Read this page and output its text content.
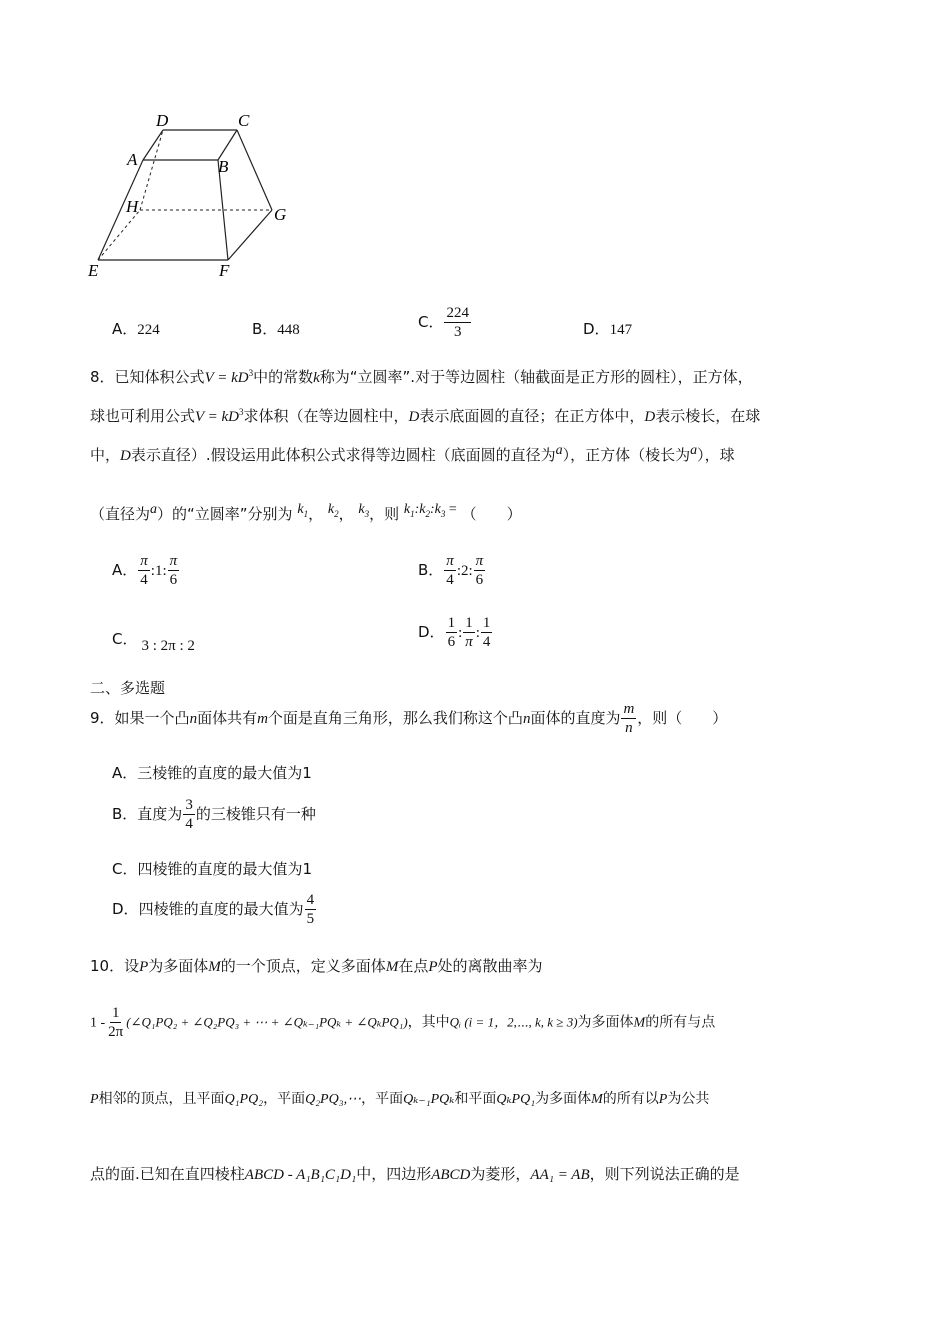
D	C
A	B
H	G
E	F
A．224	B．448	C． $\frac{224}{3}$	D．147
8．已知体积公式$V = kD^3$中的常数k称为“立圆率”.对于等边圆柱（轴截面是正方形的圆柱），正方体，
球也可利用公式$V = kD^3$求体积（在等边圆柱中，D表示底面圆的直径；在正方体中，D表示棱长，在球
中，D表示直径）.假设运用此体积公式求得等边圆柱（底面圆的直径为$^a$），正方体（棱长为$^a$），球
（直径为$^a$）的“立圆率”分别为 $^{k_1}$， $^{k_2}$， $^{k_3}$，则 $^{k_1:k_2:k_3 =}$ （　　）
A． $\frac{\pi}{4}$ :1: $\frac{\pi}{6}$	B． $\frac{\pi}{4}$ :2: $\frac{\pi}{6}$
C． 3 : 2π : 2
D． $\frac{1}{6}$ : $\frac{1}{\pi}$ : $\frac{1}{4}$
二、多选题
9．如果一个凸n面体共有m个面是直角三角形，那么我们称这个凸n面体的直度为 $\frac{m}{n}$ ，则（　　）
A．三棱锥的直度的最大值为1
B．直度为 $\frac{3}{4}$ 的三棱锥只有一种
C．四棱锥的直度的最大值为1
D．四棱锥的直度的最大值为 $\frac{4}{5}$
10．设P为多面体M的一个顶点，定义多面体M在点P处的离散曲率为
$1 - \frac{1}{2\pi}$ (∠Q₁PQ₂ + ∠Q₂PQ₃ + ⋯ + ∠Qₖ₋₁PQₖ + ∠QₖPQ₁)，其中Qᵢ (i = 1，2,⋯, k, k ≥ 3)为多面体M的所有与点
P相邻的顶点，且平面Q₁PQ₂，平面Q₂PQ₃,⋯，平面Qₖ₋₁PQₖ和平面QₖPQ₁为多面体M的所有以P为公共
点的面.已知在直四棱柱ABCD - A₁B₁C₁D₁中，四边形ABCD为菱形，AA₁ = AB，则下列说法正确的是
